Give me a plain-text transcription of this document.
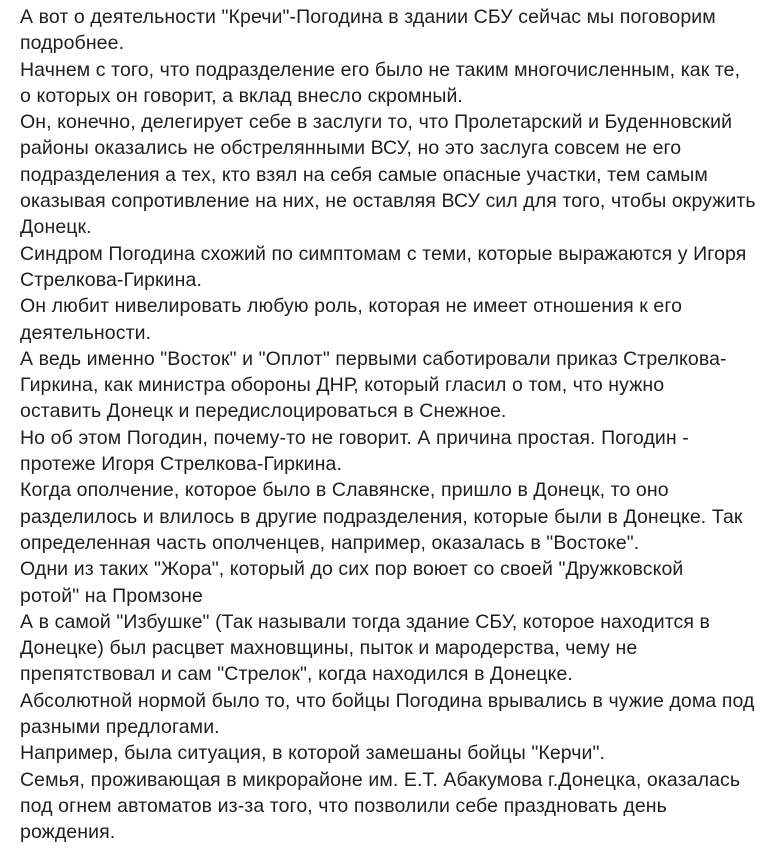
А вот о деятельности "Кречи"-Погодина в здании СБУ сейчас мы поговорим
подробнее.
Начнем с того, что подразделение его было не таким многочисленным, как те,
о которых он говорит, а вклад внесло скромный.
Он, конечно, делегирует себе в заслуги то, что Пролетарский и Буденновский
районы оказались не обстрелянными ВСУ, но это заслуга совсем не его
подразделения а тех, кто взял на себя самые опасные участки, тем самым
оказывая сопротивление на них, не оставляя ВСУ сил для того, чтобы окружить
Донецк.
Синдром Погодина схожий по симптомам с теми, которые выражаются у Игоря
Стрелкова-Гиркина.
Он любит нивелировать любую роль, которая не имеет отношения к его
деятельности.
А ведь именно "Восток" и "Оплот" первыми саботировали приказ Стрелкова-
Гиркина, как министра обороны ДНР, который гласил о том, что нужно
оставить Донецк и передислоцироваться в Снежное.
Но об этом Погодин, почему-то не говорит. А причина простая. Погодин -
протеже Игоря Стрелкова-Гиркина.
Когда ополчение, которое было в Славянске, пришло в Донецк, то оно
разделилось и влилось в другие подразделения, которые были в Донецке. Так
определенная часть ополченцев, например, оказалась в "Востоке".
Одни из таких "Жора", который до сих пор воюет со своей "Дружковской
ротой" на Промзоне
А в самой "Избушке" (Так называли тогда здание СБУ, которое находится в
Донецке) был расцвет махновщины, пыток и мародерства, чему не
препятствовал и сам "Стрелок", когда находился в Донецке.
Абсолютной нормой было то, что бойцы Погодина врывались в чужие дома под
разными предлогами.
Например, была ситуация, в которой замешаны бойцы "Керчи".
Семья, проживающая в микрорайоне им. Е.Т. Абакумова г.Донецка, оказалась
под огнем автоматов из-за того, что позволили себе праздновать день
рождения.
